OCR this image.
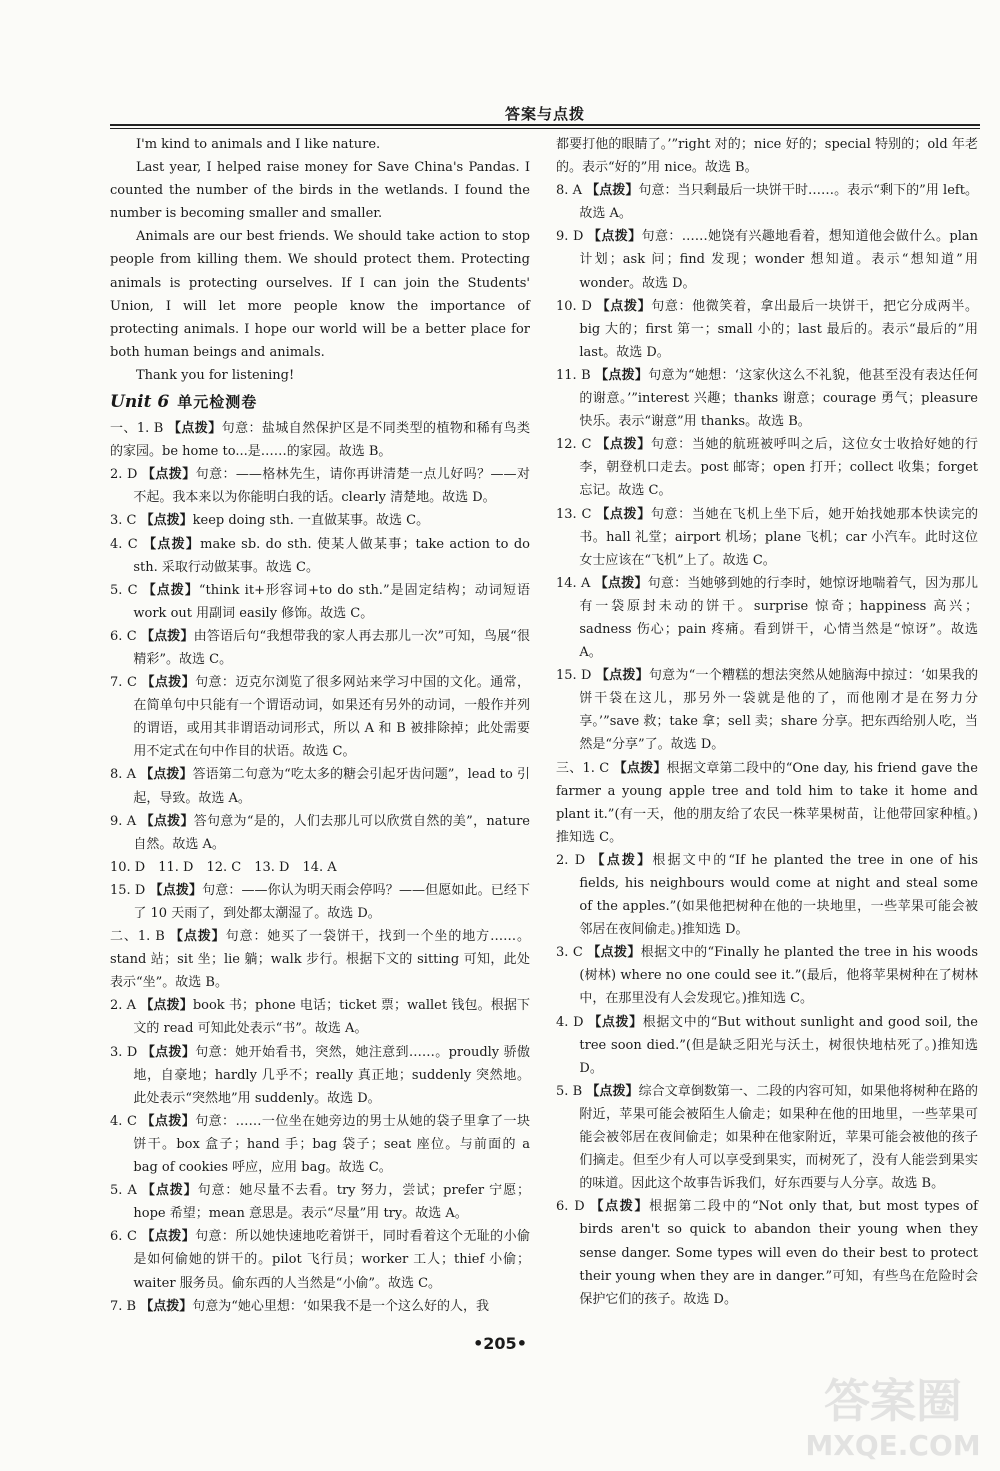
答案与点拨

I'm kind to animals and I like nature.

Last year, I helped raise money for Save China's Pandas. I counted the number of the birds in the wetlands. I found the number is becoming smaller and smaller.

Animals are our best friends. We should take action to stop people from killing them. We should protect them. Protecting animals is protecting ourselves. If I can join the Students' Union, I will let more people know the importance of protecting animals. I hope our world will be a better place for both human beings and animals.

Thank you for listening!

Unit 6 单元检测卷

一、1. B 【点拨】句意：盐城自然保护区是不同类型的植物和稀有鸟类的家园。be home to...是……的家园。故选 B。

2. D 【点拨】句意：——格林先生，请你再讲清楚一点儿好吗？——对不起。我本来以为你能明白我的话。clearly 清楚地。故选 D。

3. C 【点拨】keep doing sth. 一直做某事。故选 C。

4. C 【点拨】make sb. do sth. 使某人做某事；take action to do sth. 采取行动做某事。故选 C。

5. C 【点拨】“think it+形容词+to do sth.”是固定结构；动词短语 work out 用副词 easily 修饰。故选 C。

6. C 【点拨】由答语后句“我想带我的家人再去那儿一次”可知，鸟展“很精彩”。故选 C。

7. C 【点拨】句意：迈克尔浏览了很多网站来学习中国的文化。通常，在简单句中只能有一个谓语动词，如果还有另外的动词，一般作并列的谓语，或用其非谓语动词形式，所以 A 和 B 被排除掉；此处需要用不定式在句中作目的状语。故选 C。

8. A 【点拨】答语第二句意为“吃太多的糖会引起牙齿问题”，lead to 引起，导致。故选 A。

9. A 【点拨】答句意为“是的，人们去那儿可以欣赏自然的美”，nature 自然。故选 A。

10. D　11. D　12. C　13. D　14. A

15. D 【点拨】句意：——你认为明天雨会停吗？——但愿如此。已经下了 10 天雨了，到处都太潮湿了。故选 D。

二、1. B 【点拨】句意：她买了一袋饼干，找到一个坐的地方……。stand 站；sit 坐；lie 躺；walk 步行。根据下文的 sitting 可知，此处表示“坐”。故选 B。

2. A 【点拨】book 书；phone 电话；ticket 票；wallet 钱包。根据下文的 read 可知此处表示“书”。故选 A。

3. D 【点拨】句意：她开始看书，突然，她注意到……。proudly 骄傲地，自豪地；hardly 几乎不；really 真正地；suddenly 突然地。此处表示“突然地”用 suddenly。故选 D。

4. C 【点拨】句意：……一位坐在她旁边的男士从她的袋子里拿了一块饼干。box 盒子；hand 手；bag 袋子；seat 座位。与前面的 a bag of cookies 呼应，应用 bag。故选 C。

5. A 【点拨】句意：她尽量不去看。try 努力，尝试；prefer 宁愿；hope 希望；mean 意思是。表示“尽量”用 try。故选 A。

6. C 【点拨】句意：所以她快速地吃着饼干，同时看着这个无耻的小偷是如何偷她的饼干的。pilot 飞行员；worker 工人；thief 小偷；waiter 服务员。偷东西的人当然是“小偷”。故选 C。

7. B 【点拨】句意为“她心里想：‘如果我不是一个这么好的人，我

都要打他的眼睛了。’”right 对的；nice 好的；special 特别的；old 年老的。表示“好的”用 nice。故选 B。

8. A 【点拨】句意：当只剩最后一块饼干时……。表示“剩下的”用 left。故选 A。

9. D 【点拨】句意：……她饶有兴趣地看着，想知道他会做什么。plan 计划；ask 问；find 发现；wonder 想知道。表示“想知道”用 wonder。故选 D。

10. D 【点拨】句意：他微笑着，拿出最后一块饼干，把它分成两半。big 大的；first 第一；small 小的；last 最后的。表示“最后的”用 last。故选 D。

11. B 【点拨】句意为“她想：‘这家伙这么不礼貌，他甚至没有表达任何的谢意。’”interest 兴趣；thanks 谢意；courage 勇气；pleasure 快乐。表示“谢意”用 thanks。故选 B。

12. C 【点拨】句意：当她的航班被呼叫之后，这位女士收拾好她的行李，朝登机口走去。post 邮寄；open 打开；collect 收集；forget 忘记。故选 C。

13. C 【点拨】句意：当她在飞机上坐下后，她开始找她那本快读完的书。hall 礼堂；airport 机场；plane 飞机；car 小汽车。此时这位女士应该在“飞机”上了。故选 C。

14. A 【点拨】句意：当她够到她的行李时，她惊讶地喘着气，因为那儿有一袋原封未动的饼干。surprise 惊奇；happiness 高兴；sadness 伤心；pain 疼痛。看到饼干，心情当然是“惊讶”。故选 A。

15. D 【点拨】句意为“一个糟糕的想法突然从她脑海中掠过：‘如果我的饼干袋在这儿，那另外一袋就是他的了，而他刚才是在努力分享。’”save 救；take 拿；sell 卖；share 分享。把东西给别人吃，当然是“分享”了。故选 D。

三、1. C 【点拨】根据文章第二段中的“One day, his friend gave the farmer a young apple tree and told him to take it home and plant it.”(有一天，他的朋友给了农民一株苹果树苗，让他带回家种植。)推知选 C。

2. D 【点拨】根据文中的“If he planted the tree in one of his fields, his neighbours would come at night and steal some of the apples.”(如果他把树种在他的一块地里，一些苹果可能会被邻居在夜间偷走。)推知选 D。

3. C 【点拨】根据文中的“Finally he planted the tree in his woods (树林) where no one could see it.”(最后，他将苹果树种在了树林中，在那里没有人会发现它。)推知选 C。

4. D 【点拨】根据文中的“But without sunlight and good soil, the tree soon died.”(但是缺乏阳光与沃土，树很快地枯死了。)推知选 D。

5. B 【点拨】综合文章倒数第一、二段的内容可知，如果他将树种在路的附近，苹果可能会被陌生人偷走；如果种在他的田地里，一些苹果可能会被邻居在夜间偷走；如果种在他家附近，苹果可能会被他的孩子们摘走。但至少有人可以享受到果实，而树死了，没有人能尝到果实的味道。因此这个故事告诉我们，好东西要与人分享。故选 B。

6. D 【点拨】根据第二段中的“Not only that, but most types of birds aren't so quick to abandon their young when they sense danger. Some types will even do their best to protect their young when they are in danger.”可知，有些鸟在危险时会保护它们的孩子。故选 D。

•205•
答案圈
MXQE.COM
